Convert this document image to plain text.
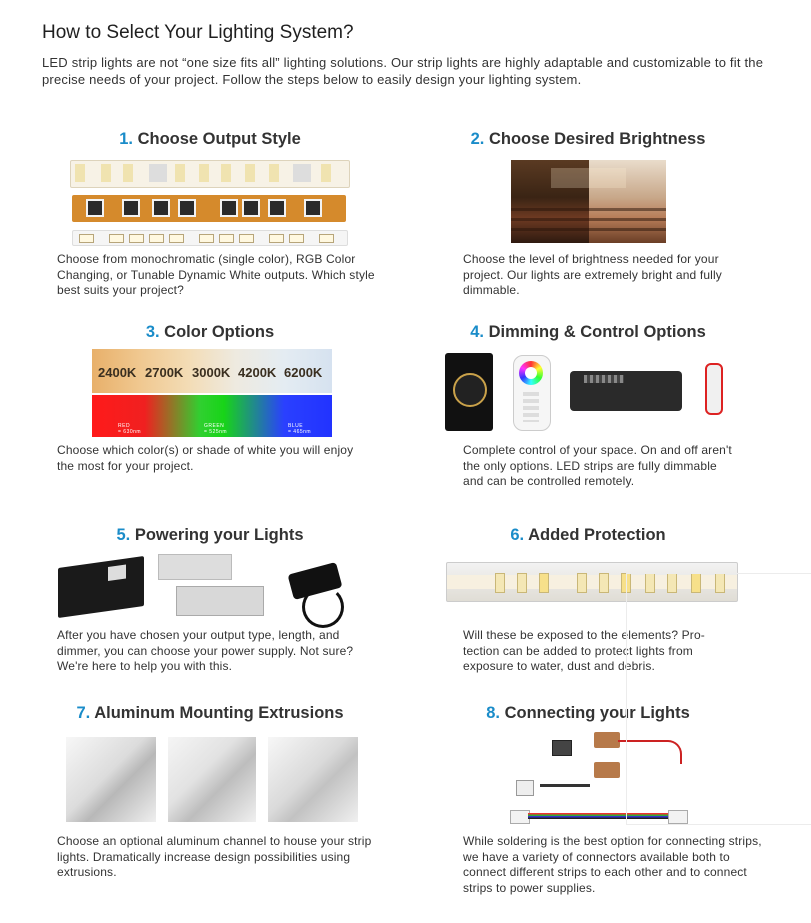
How to Select Your Lighting System?

LED strip lights are not “one size fits all” lighting solutions. Our strip lights are highly adaptable and customizable to fit the precise needs of your project. Follow the steps below to easily design your lighting system.

1. Choose Output Style

Choose from monochromatic (single color), RGB Color Changing, or Tunable Dynamic White outputs. Which style best suits your project?

2. Choose Desired Brightness

Choose the level of brightness needed for your project. Our lights are extremely bright and fully dimmable.

3. Color Options
2400K 2700K 3000K 4200K 6200K
RED
= 630nm
GREEN
= 525nm
BLUE
= 465nm

Choose which color(s) or shade of white you will enjoy the most for your project.

4. Dimming & Control Options

Complete control of your space. On and off aren't the only options. LED strips are fully dimmable and can be controlled remotely.

5. Powering your Lights

After you have chosen your output type, length, and dimmer, you can choose your power supply. Not sure? We're here to help you with this.

6. Added Protection

Will these be exposed to the elements? Pro- tection can be added to protect lights from exposure to water, dust and debris.

7. Aluminum Mounting Extrusions

Choose an optional aluminum channel to house your strip lights. Dramatically increase design possibilities using extrusions.

8. Connecting your Lights

While soldering is the best option for connecting strips, we have a variety of connectors available both to connect different strips to each other and to connect strips to power supplies.
